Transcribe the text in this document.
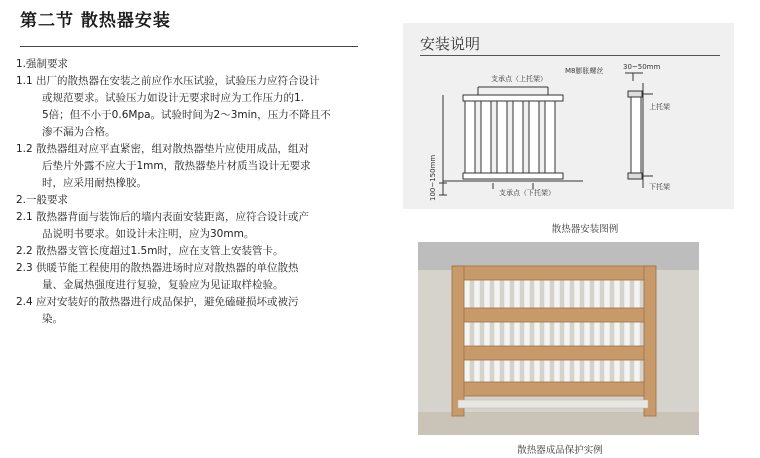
第二节 散热器安装
1.强制要求
1.1 出厂的散热器在安装之前应作水压试验，试验压力应符合设计
或规范要求。试验压力如设计无要求时应为工作压力的1.
5倍；但不小于0.6Mpa。试验时间为2～3min，压力不降且不
渗不漏为合格。
1.2 散热器组对应平直紧密，组对散热器垫片应使用成品，组对
后垫片外露不应大于1mm，散热器垫片材质当设计无要求
时，应采用耐热橡胶。
2.一般要求
2.1 散热器背面与装饰后的墙内表面安装距离，应符合设计或产
品说明书要求。如设计未注明，应为30mm。
2.2 散热器支管长度超过1.5m时，应在支管上安装管卡。
2.3 供暖节能工程使用的散热器进场时应对散热器的单位散热
量、金属热强度进行复验，复验应为见证取样检验。
2.4 应对安装好的散热器进行成品保护，避免磕碰损坏或被污
染。
安装说明
支承点（上托架）
支承点（下托架）
100~150mm
M8膨胀螺丝	30~50mm
上托架
下托架
散热器安装图例
散热器成品保护实例
